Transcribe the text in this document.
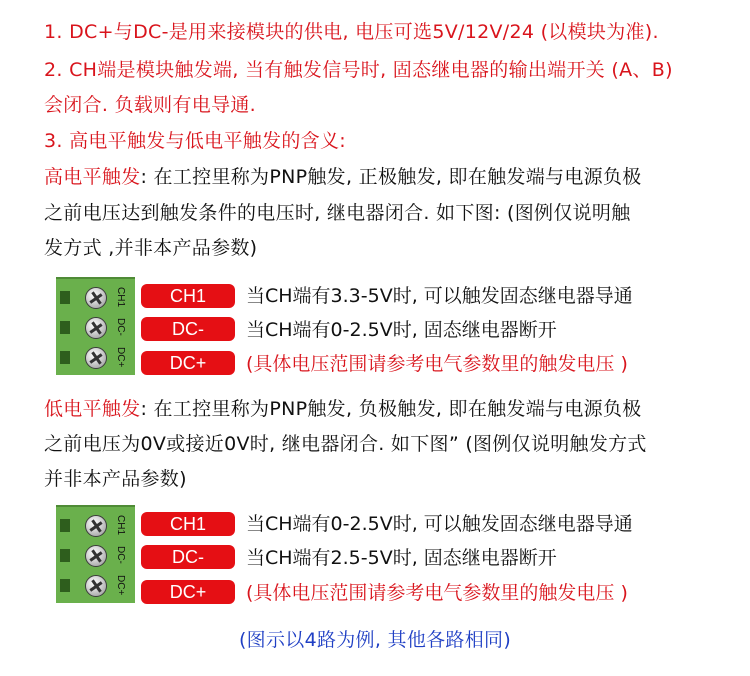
1. DC+与DC-是用来接模块的供电, 电压可选5V/12V/24 (以模块为准).
2. CH端是模块触发端, 当有触发信号时, 固态继电器的输出端开关 (A、B)
会闭合. 负载则有电导通.
3. 高电平触发与低电平触发的含义:
高电平触发: 在工控里称为PNP触发, 正极触发, 即在触发端与电源负极
之前电压达到触发条件的电压时, 继电器闭合. 如下图: (图例仅说明触
发方式 ,并非本产品参数)
CH1
DC-
DC+
CH1
DC-
DC+
当CH端有3.3-5V时, 可以触发固态继电器导通
当CH端有0-2.5V时, 固态继电器断开
(具体电压范围请参考电气参数里的触发电压 )
低电平触发: 在工控里称为PNP触发, 负极触发, 即在触发端与电源负极
之前电压为0V或接近0V时, 继电器闭合. 如下图” (图例仅说明触发方式
并非本产品参数)
CH1
DC-
DC+
CH1
DC-
DC+
当CH端有0-2.5V时, 可以触发固态继电器导通
当CH端有2.5-5V时, 固态继电器断开
(具体电压范围请参考电气参数里的触发电压 )
(图示以4路为例, 其他各路相同)
